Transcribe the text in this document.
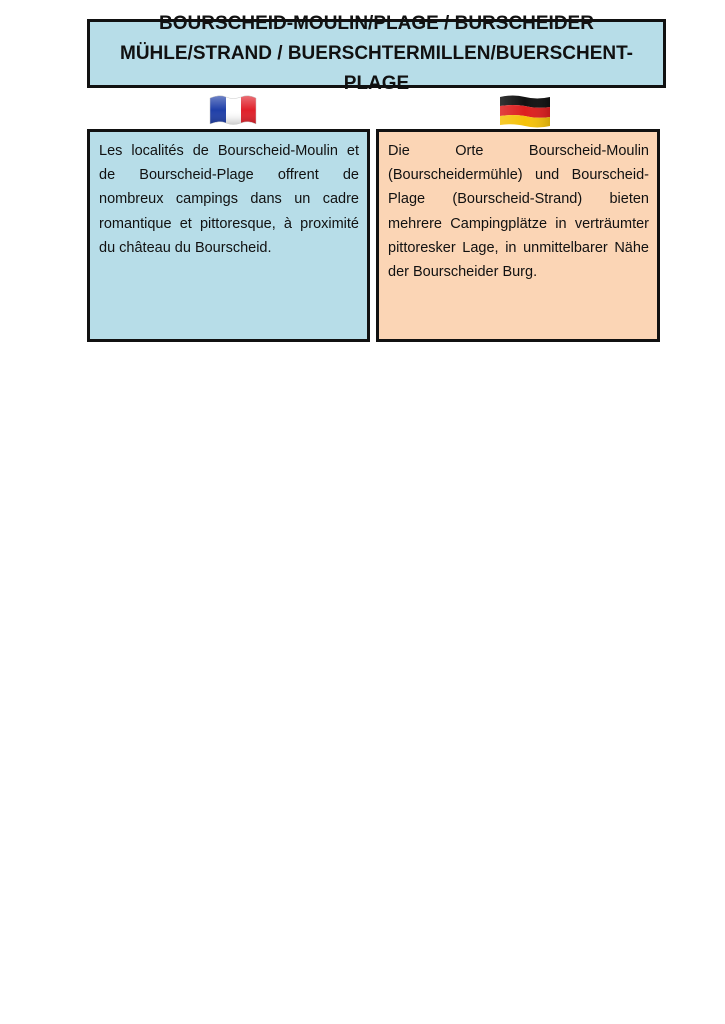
BOURSCHEID-MOULIN/PLAGE / BURSCHEIDER
MÜHLE/STRAND / BUERSCHTERMILLEN/BUERSCHENT-PLAGE

Les localités de Bourscheid-Moulin et de Bourscheid-Plage offrent de nombreux campings dans un cadre romantique et pittoresque, à proximité du château du Bourscheid.

Die Orte Bourscheid-Moulin (Bourscheidermühle) und Bourscheid-Plage (Bourscheid-Strand) bieten mehrere Campingplätze in verträumter pittoresker Lage, in unmittelbarer Nähe der Bourscheider Burg.
